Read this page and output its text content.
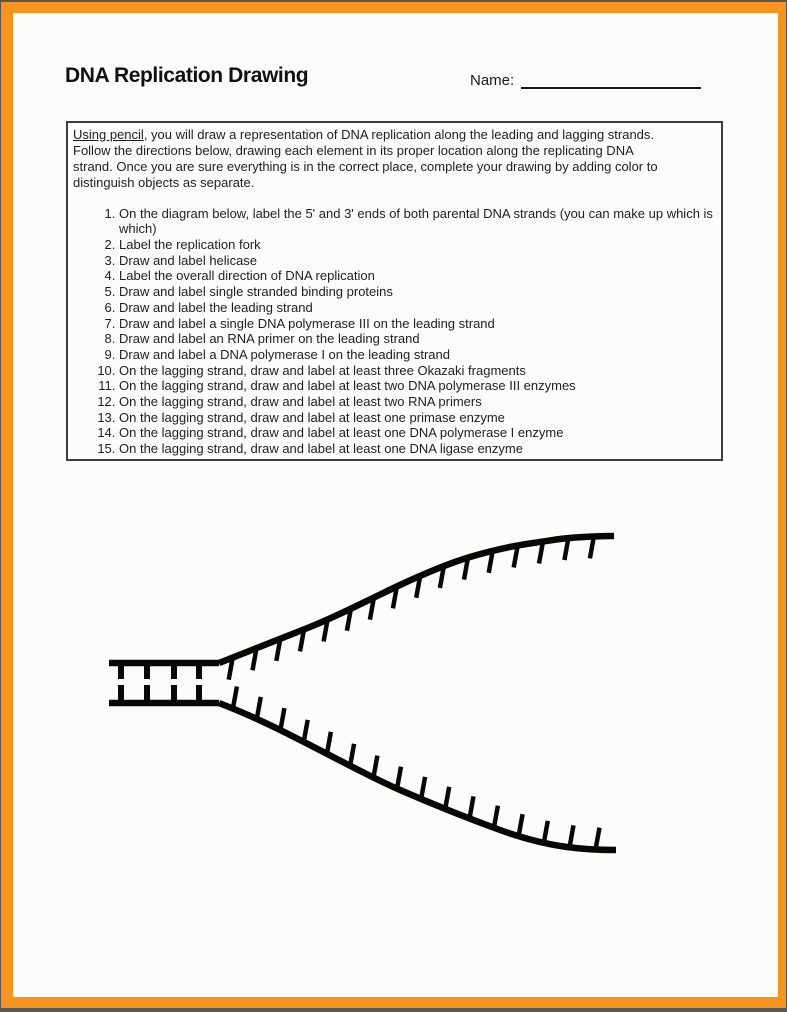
DNA Replication Drawing	Name:
Using pencil, you will draw a representation of DNA replication along the leading and lagging strands.
Follow the directions below, drawing each element in its proper location along the replicating DNA
strand. Once you are sure everything is in the correct place, complete your drawing by adding color to
distinguish objects as separate.
1. On the diagram below, label the 5' and 3' ends of both parental DNA strands (you can make up which is which)
2. Label the replication fork
3. Draw and label helicase
4. Label the overall direction of DNA replication
5. Draw and label single stranded binding proteins
6. Draw and label the leading strand
7. Draw and label a single DNA polymerase III on the leading strand
8. Draw and label an RNA primer on the leading strand
9. Draw and label a DNA polymerase I on the leading strand
10. On the lagging strand, draw and label at least three Okazaki fragments
11. On the lagging strand, draw and label at least two DNA polymerase III enzymes
12. On the lagging strand, draw and label at least two RNA primers
13. On the lagging strand, draw and label at least one primase enzyme
14. On the lagging strand, draw and label at least one DNA polymerase I enzyme
15. On the lagging strand, draw and label at least one DNA ligase enzyme
